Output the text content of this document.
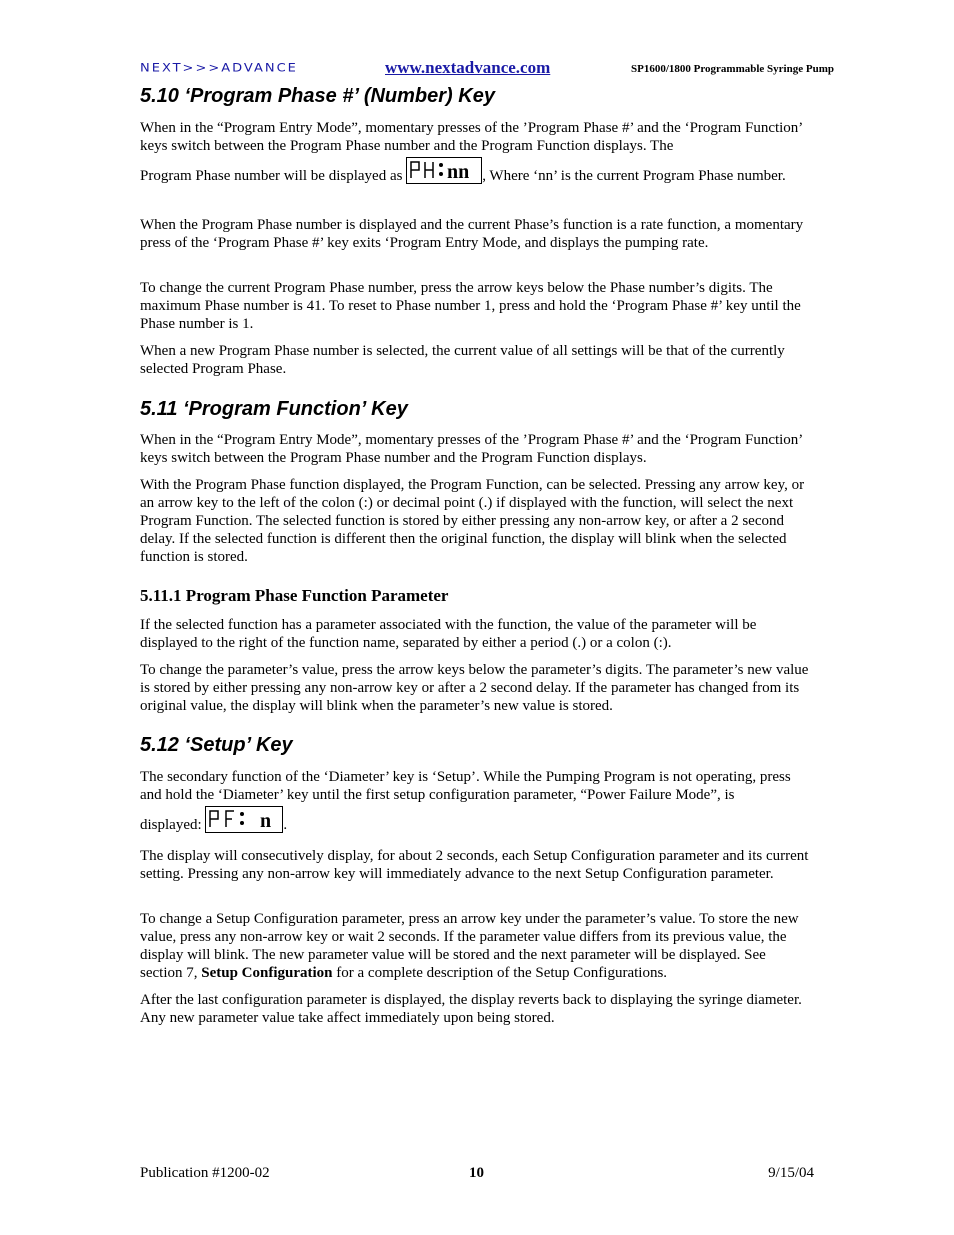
NEXT>>>ADVANCE	www.nextadvance.com	SP1600/1800 Programmable Syringe Pump
5.10 ‘Program Phase #’ (Number) Key

When in the “Program Entry Mode”, momentary presses of the ’Program Phase #’ and the ‘Program Function’ keys switch between the Program Phase number and the Program Function displays. The

Program Phase number will be displayed as nn , Where ‘nn’ is the current Program Phase number.

When the Program Phase number is displayed and the current Phase’s function is a rate function, a momentary press of the ‘Program Phase #’ key exits ‘Program Entry Mode, and displays the pumping rate.

To change the current Program Phase number, press the arrow keys below the Phase number’s digits. The maximum Phase number is 41. To reset to Phase number 1, press and hold the ‘Program Phase #’ key until the Phase number is 1.

When a new Program Phase number is selected, the current value of all settings will be that of the currently selected Program Phase.

5.11 ‘Program Function’ Key

When in the “Program Entry Mode”, momentary presses of the ’Program Phase #’ and the ‘Program Function’ keys switch between the Program Phase number and the Program Function displays.

With the Program Phase function displayed, the Program Function, can be selected. Pressing any arrow key, or an arrow key to the left of the colon (:) or decimal point (.) if displayed with the function, will select the next Program Function. The selected function is stored by either pressing any non-arrow key, or after a 2 second delay. If the selected function is different then the original function, the display will blink when the selected function is stored.

5.11.1 Program Phase Function Parameter

If the selected function has a parameter associated with the function, the value of the parameter will be displayed to the right of the function name, separated by either a period (.) or a colon (:).

To change the parameter’s value, press the arrow keys below the parameter’s digits. The parameter’s new value is stored by either pressing any non-arrow key or after a 2 second delay. If the parameter has changed from its original value, the display will blink when the parameter’s new value is stored.

5.12 ‘Setup’ Key

The secondary function of the ‘Diameter’ key is ‘Setup’. While the Pumping Program is not operating, press and hold the ‘Diameter’ key until the first setup configuration parameter, “Power Failure Mode”, is

displayed:	n .

The display will consecutively display, for about 2 seconds, each Setup Configuration parameter and its current setting. Pressing any non-arrow key will immediately advance to the next Setup Configuration parameter.

To change a Setup Configuration parameter, press an arrow key under the parameter’s value. To store the new value, press any non-arrow key or wait 2 seconds. If the parameter value differs from its previous value, the display will blink. The new parameter value will be stored and the next parameter will be displayed. See section 7, Setup Configuration for a complete description of the Setup Configurations.

After the last configuration parameter is displayed, the display reverts back to displaying the syringe diameter. Any new parameter value take affect immediately upon being stored.

Publication #1200-02	10	9/15/04
